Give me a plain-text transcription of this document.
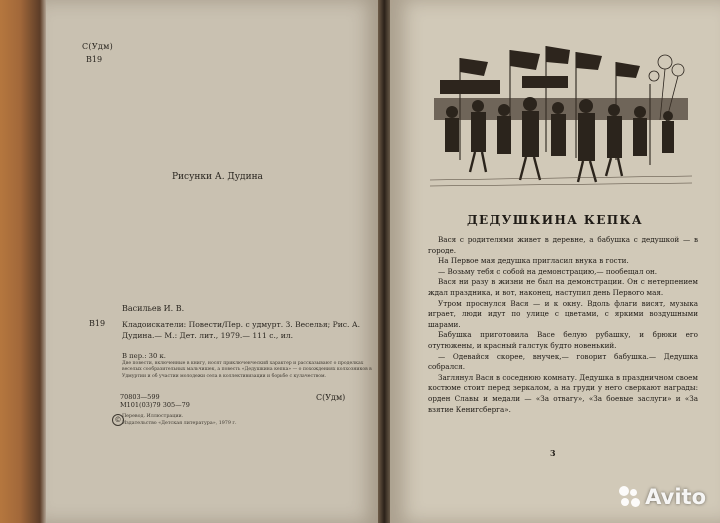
С(Удм)
В19
Рисунки А. Дудина
Васильев И. В.
В19 Кладоискатели: Повести/Пер. с удмурт. З. Веселья; Рис. А. Дудина.— М.: Дет. лит., 1979.— 111 с., ил.
В пер.: 30 к.
Две повести, включенные в книгу, носят приключенческий характер и рассказывают о проделках веселых сообразительных мальчишек, а повесть «Дедушкина кепка» — о похождениях колхозников в Удмуртии и об участии молодежи села в коллективизации и борьбе с кулачеством.
70803—599
М101(03)79 305—79
С(Удм)
© Перевод. Иллюстрации.
Издательство «Детская литература», 1979 г.
ДЕДУШКИНА КЕПКА

Вася с родителями живет в деревне, а бабушка с дедушкой — в городе.

На Первое мая дедушка пригласил внука в гости.

— Возьму тебя с собой на демонстрацию,— пообещал он.

Вася ни разу в жизни не был на демонстрации. Он с нетерпением ждал праздника, и вот, наконец, наступил день Первого мая.

Утром проснулся Вася — и к окну. Вдоль флаги висят, музыка играет, люди идут по улице с цветами, с яркими воздушными шарами.

Бабушка приготовила Васе белую рубашку, и брюки его отутюжены, и красный галстук будто новенький.

— Одевайся скорее, внучек,— говорит бабушка.— Дедушка собрался.

Заглянул Вася в соседнюю комнату. Дедушка в праздничном своем костюме стоит перед зеркалом, а на груди у него сверкают награды: орден Славы и медали — «За отвагу», «За боевые заслуги» и «За взятие Кенигсберга».

3
Avito
